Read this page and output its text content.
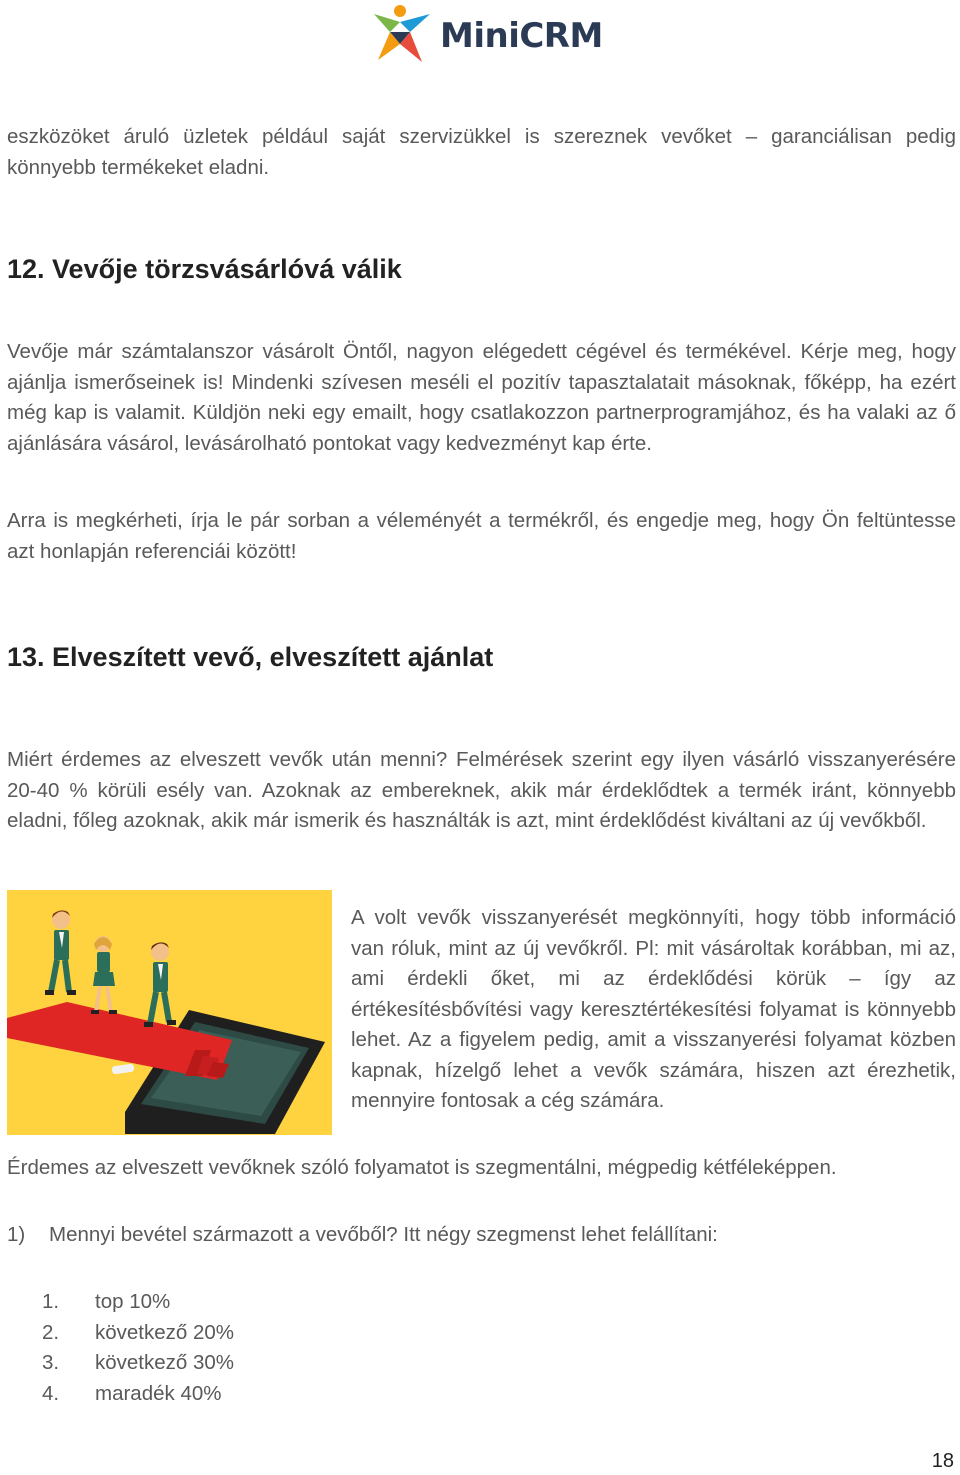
MiniCRM

eszközöket áruló üzletek például saját szervizükkel is szereznek vevőket – garanciálisan pedig könnyebb termékeket eladni.

12. Vevője törzsvásárlóvá válik

Vevője már számtalanszor vásárolt Öntől, nagyon elégedett cégével és termékével. Kérje meg, hogy ajánlja ismerőseinek is! Mindenki szívesen meséli el pozitív tapasztalatait másoknak, főképp, ha ezért még kap is valamit. Küldjön neki egy emailt, hogy csatlakozzon partnerprogramjához, és ha valaki az ő ajánlására vásárol, levásárolható pontokat vagy kedvezményt kap érte.

Arra is megkérheti, írja le pár sorban a véleményét a termékről, és engedje meg, hogy Ön feltüntesse azt honlapján referenciái között!

13. Elveszített vevő, elveszített ajánlat

Miért érdemes az elveszett vevők után menni? Felmérések szerint egy ilyen vásárló visszanyerésére 20-40 % körüli esély van. Azoknak az embereknek, akik már érdeklődtek a termék iránt, könnyebb eladni, főleg azoknak, akik már ismerik és használták is azt, mint érdeklődést kiváltani az új vevőkből.

A volt vevők visszanyerését megkönnyíti, hogy több információ van róluk, mint az új vevőkről. Pl: mit vásároltak korábban, mi az, ami érdekli őket, mi az érdeklődési körük – így az értékesítésbővítési vagy keresztértékesítési folyamat is könnyebb lehet. Az a figyelem pedig, amit a visszanyerési folyamat közben kapnak, hízelgő lehet a vevők számára, hiszen azt érezhetik, mennyire fontosak a cég számára.

Érdemes az elveszett vevőknek szóló folyamatot is szegmentálni, mégpedig kétféleképpen.

1) Mennyi bevétel származott a vevőből? Itt négy szegmenst lehet felállítani:
1. top 10%
2. következő 20%
3. következő 30%
4. maradék 40%
18
